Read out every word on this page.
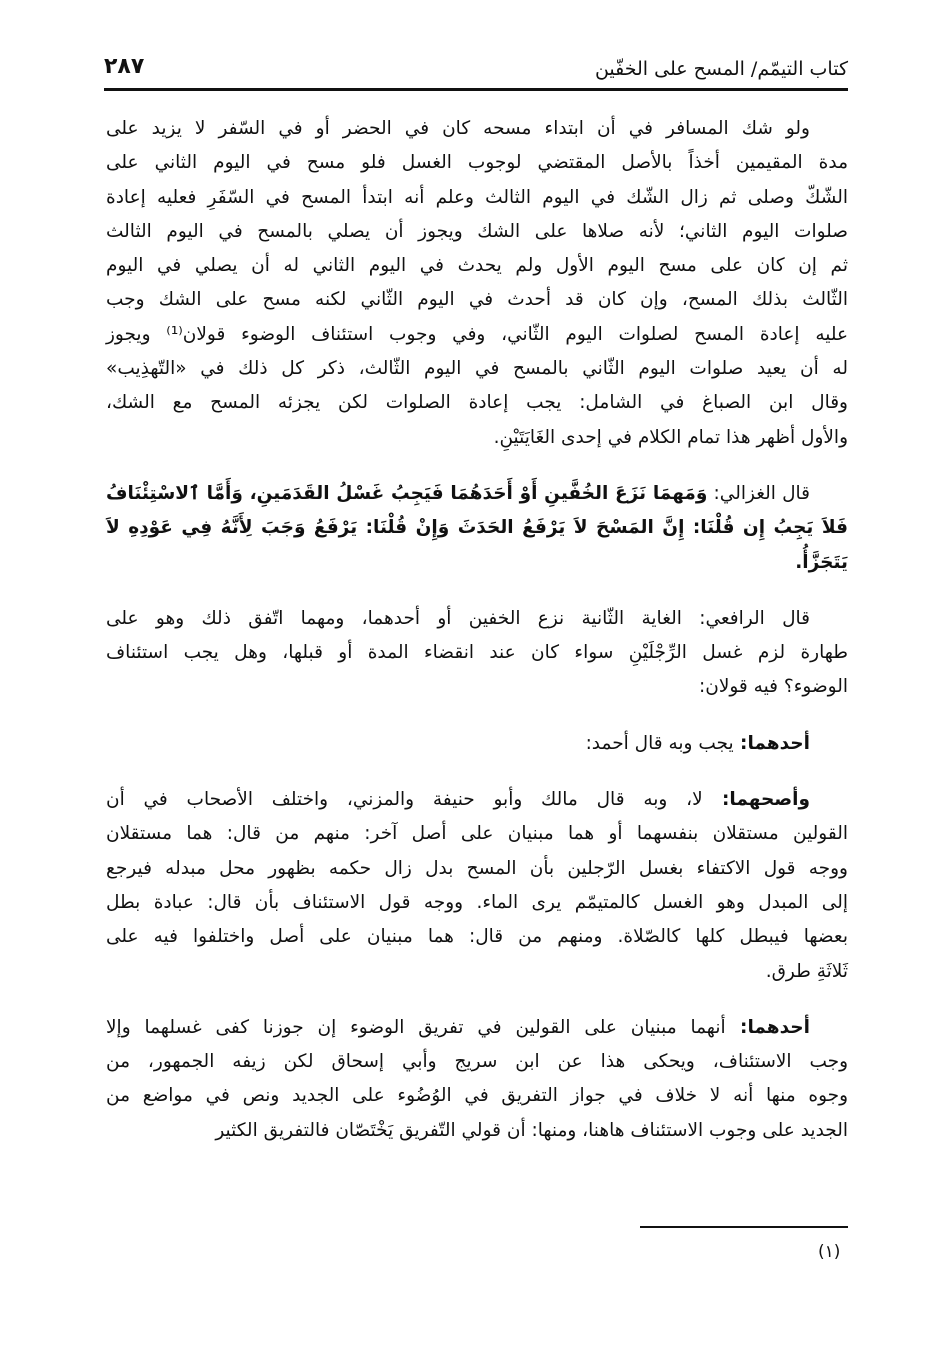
كتاب التيمّم/ المسح على الخفّين
٢٨٧
ولو شك المسافر في أن ابتداء مسحه كان في الحضر أو في السّفر لا يزيد على
مدة المقيمين أخذاً بالأصل المقتضي لوجوب الغسل فلو مسح في اليوم الثاني على
الشّكّ وصلى ثم زال الشّك في اليوم الثالث وعلم أنه ابتدأ المسح في السّفَرِ فعليه إعادة
صلوات اليوم الثاني؛ لأنه صلاها على الشك ويجوز أن يصلي بالمسح في اليوم الثالث
ثم إن كان على مسح اليوم الأول ولم يحدث في اليوم الثاني له أن يصلي في اليوم
الثّالث بذلك المسح، وإن كان قد أحدث في اليوم الثّاني لكنه مسح على الشك وجب
عليه إعادة المسح لصلوات اليوم الثّاني، وفي وجوب استئناف الوضوء قولان⁽¹⁾ ويجوز
له أن يعيد صلوات اليوم الثّاني بالمسح في اليوم الثّالث، ذكر كل ذلك في «التّهذِيب»
وقال ابن الصباغ في الشامل: يجب إعادة الصلوات لكن يجزئه المسح مع الشك،
والأول أظهر هذا تمام الكلام في إحدى الغَايَتَيْنِ.
قال الغزالي: وَمَهمَا نَزَعَ الخُفَّينِ أَوْ أَحَدَهُمَا فَيَجِبُ غَسْلُ القَدَمَينِ، وَأَمَّا ٱلاسْتِئْنَافُ
فَلاَ يَجِبُ إِن قُلْنَا: إِنَّ المَسْحَ لاَ يَرْفَعُ الحَدَثَ وَإِنْ قُلْنَا: يَرْفَعُ وَجَبَ لِأَنَّهُ فِي عَوْدِهِ لاَ
يَتَجَزَّأُ.
قال الرافعي: الغاية الثّانية نزع الخفين أو أحدهما، ومهما اتّفق ذلك وهو على
طهارة لزم غسل الرِّجْلَيْنِ سواء كان عند انقضاء المدة أو قبلها، وهل يجب استئناف
الوضوء؟ فيه قولان:
أحدهما: يجب وبه قال أحمد:
وأصحهما: لا، وبه قال مالك وأبو حنيفة والمزني، واختلف الأصحاب في أن
القولين مستقلان بنفسهما أو هما مبنيان على أصل آخر: منهم من قال: هما مستقلان
ووجه قول الاكتفاء بغسل الرّجلين بأن المسح بدل زال حكمه بظهور محل مبدله فيرجع
إلى المبدل وهو الغسل كالمتيمّم يرى الماء. ووجه قول الاستئناف بأن قال: عبادة بطل
بعضها فيبطل كلها كالصّلاة. ومنهم من قال: هما مبنيان على أصل واختلفوا فيه على
ثَلاثَةِ طرق.
أحدهما: أنهما مبنيان على القولين في تفريق الوضوء إن جوزنا كفى غسلهما وإلا
وجب الاستئناف، ويحكى هذا عن ابن سريج وأبي إسحاق لكن زيفه الجمهور، من
وجوه منها أنه لا خلاف في جواز التفريق في الوُضُوء على الجديد ونص في مواضع من
الجديد على وجوب الاستئناف هاهنا، ومنها: أن قولي التّفريق يَخْتَصّان فالتفريق الكثير
(١)
